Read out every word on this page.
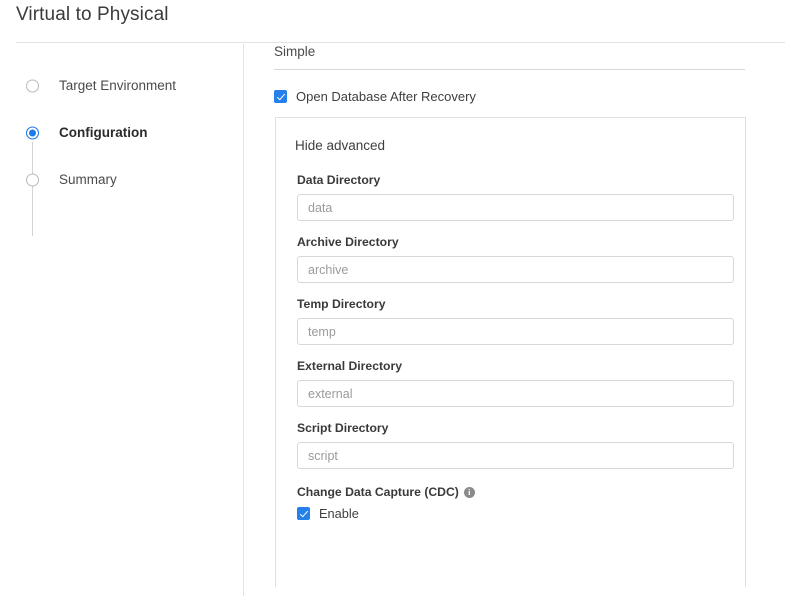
Virtual to Physical
Target Environment
Configuration
Summary
Simple
Open Database After Recovery
Hide advanced
Data Directory
data
Archive Directory
archive
Temp Directory
temp
External Directory
external
Script Directory
script
Change Data Capture (CDC)	i
Enable
